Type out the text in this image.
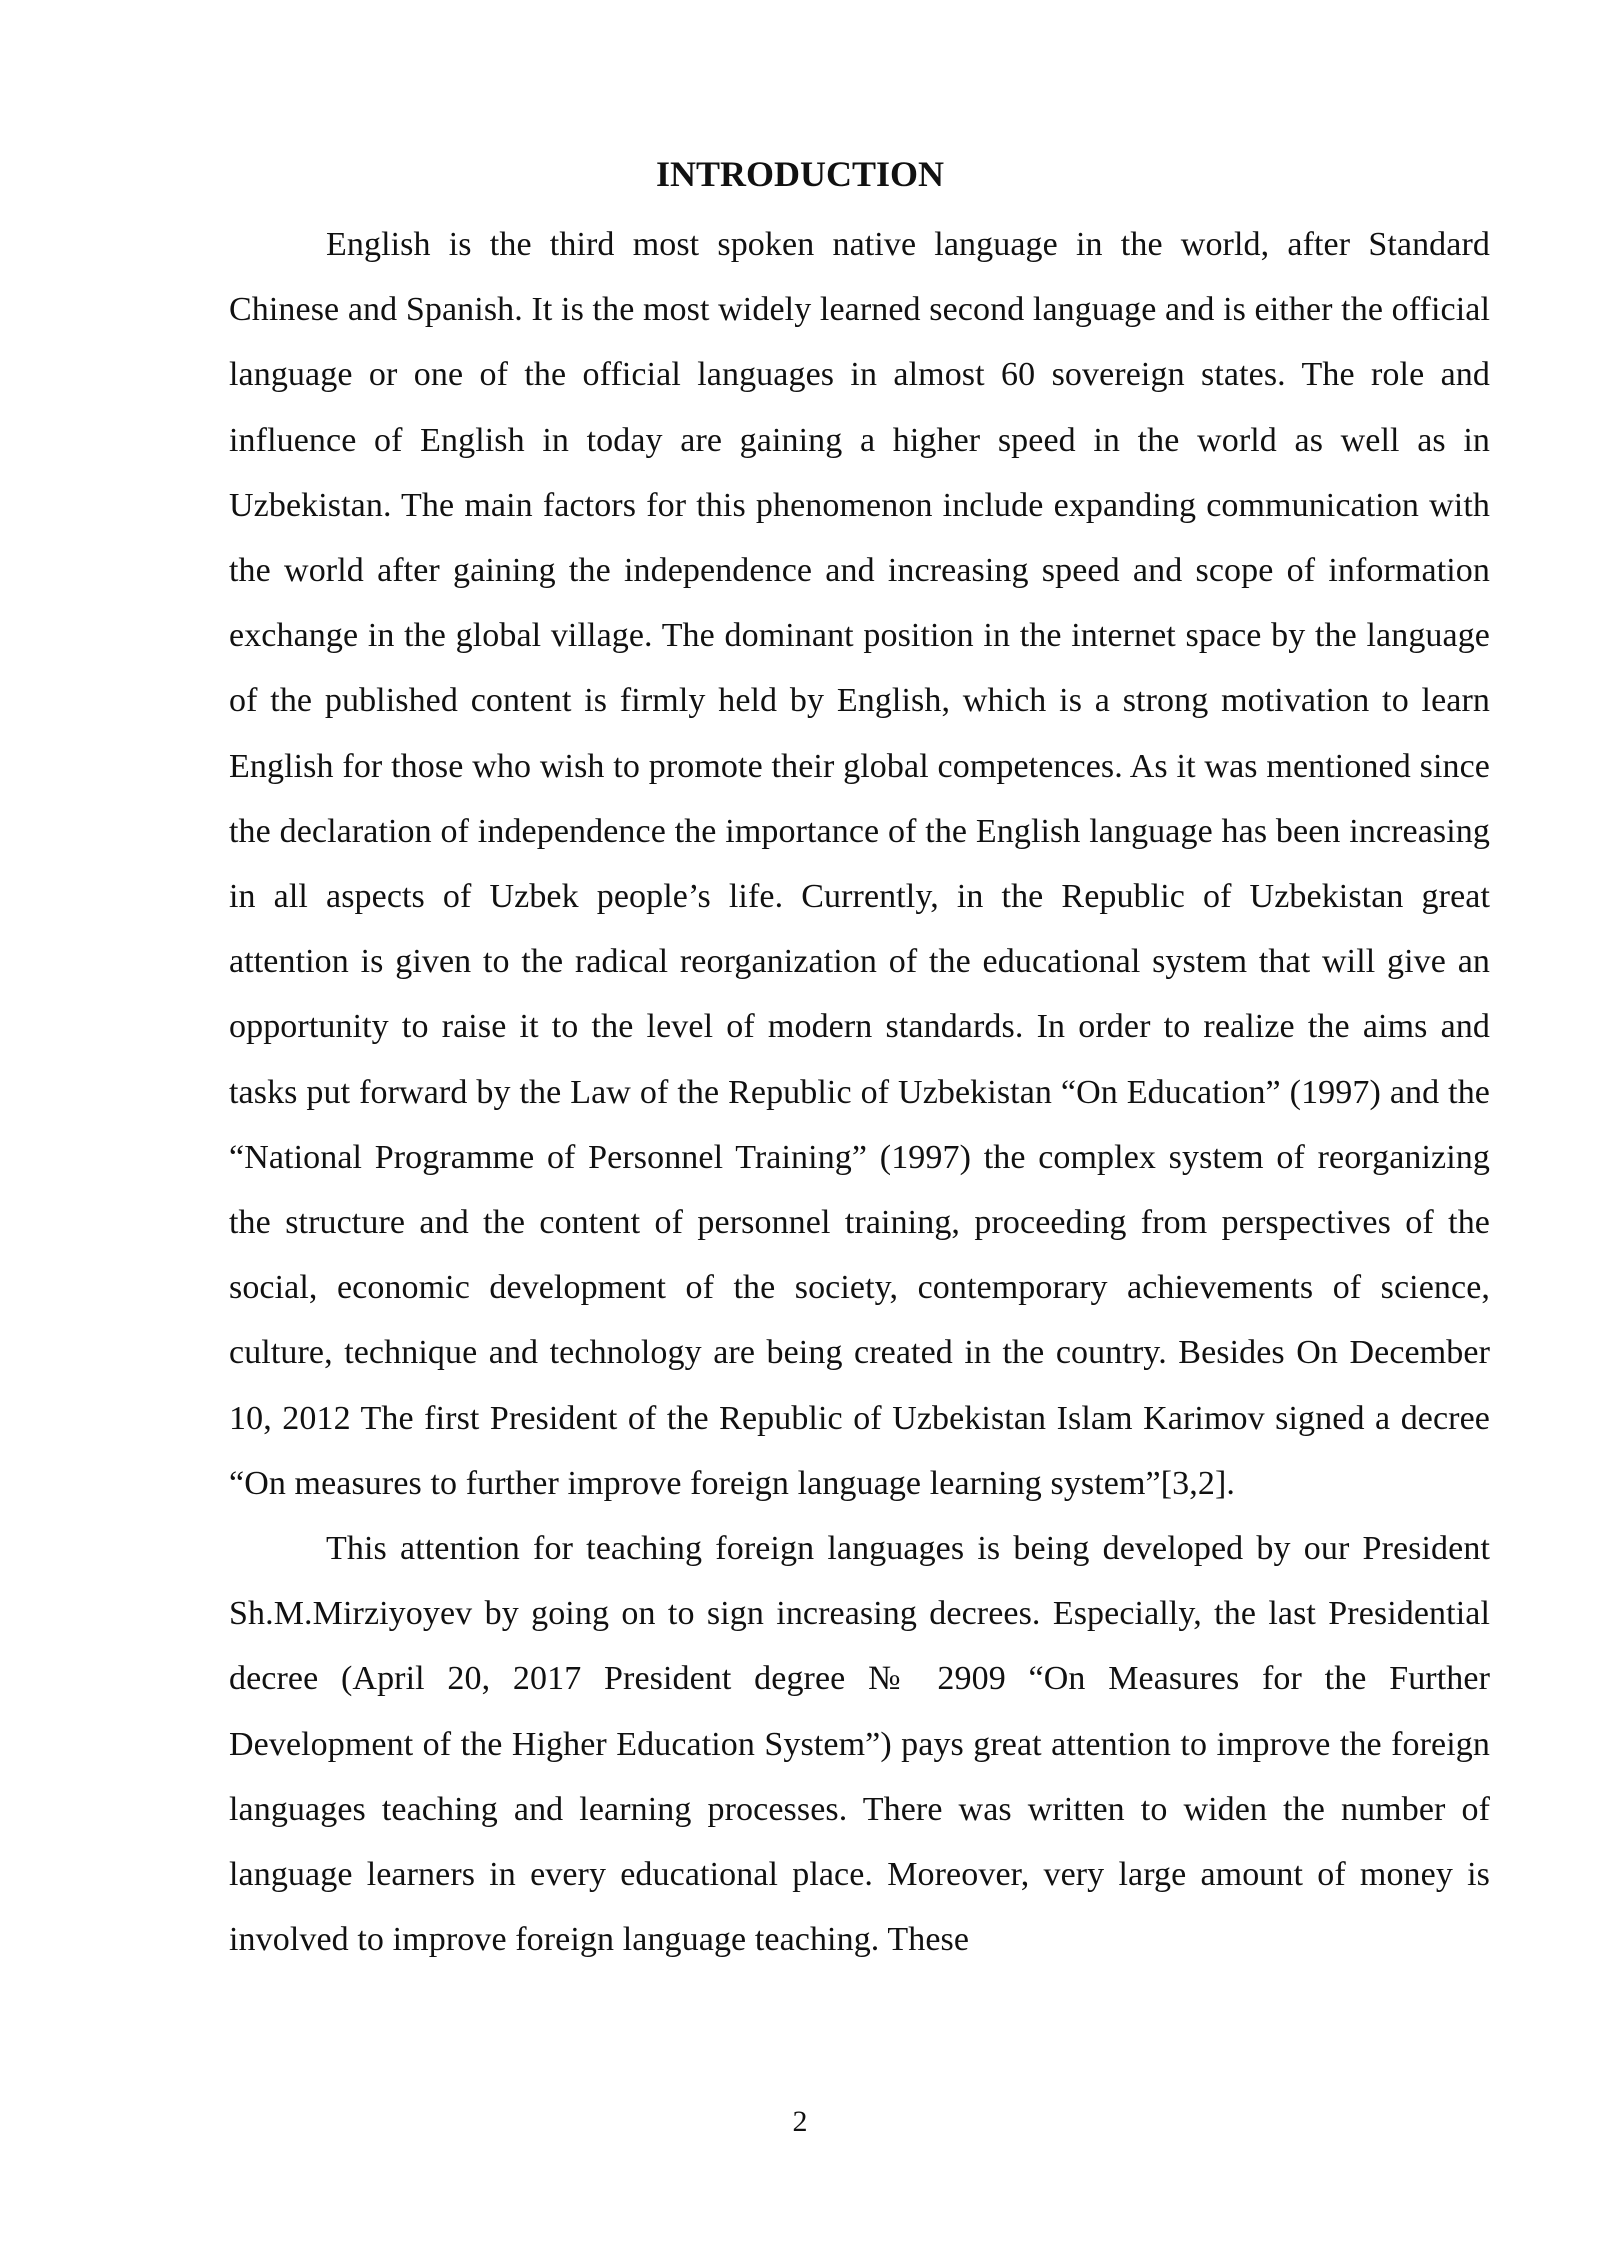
INTRODUCTION

English is the third most spoken native language in the world, after Standard Chinese and Spanish. It is the most widely learned second language and is either the official language or one of the official languages in almost 60 sovereign states. The role and influence of English in today are gaining a higher speed in the world as well as in Uzbekistan. The main factors for this phenomenon include expanding communication with the world after gaining the independence and increasing speed and scope of information exchange in the global village. The dominant position in the internet space by the language of the published content is firmly held by English, which is a strong motivation to learn English for those who wish to promote their global competences. As it was mentioned since the declaration of independence the importance of the English language has been increasing in all aspects of Uzbek people’s life. Currently, in the Republic of Uzbekistan great attention is given to the radical reorganization of the educational system that will give an opportunity to raise it to the level of modern standards. In order to realize the aims and tasks put forward by the Law of the Republic of Uzbekistan “On Education” (1997) and the “National Programme of Personnel Training” (1997) the complex system of reorganizing the structure and the content of personnel training, proceeding from perspectives of the social, economic development of the society, contemporary achievements of science, culture, technique and technology are being created in the country. Besides On December 10, 2012 The first President of the Republic of Uzbekistan Islam Karimov signed a decree “On measures to further improve foreign language learning system”[3,2].

This attention for teaching foreign languages is being developed by our President Sh.M.Mirziyoyev by going on to sign increasing decrees. Especially, the last Presidential decree (April 20, 2017 President degree № 2909 “On Measures for the Further Development of the Higher Education System”) pays great attention to improve the foreign languages teaching and learning processes. There was written to widen the number of language learners in every educational place. Moreover, very large amount of money is involved to improve foreign language teaching. These

2
